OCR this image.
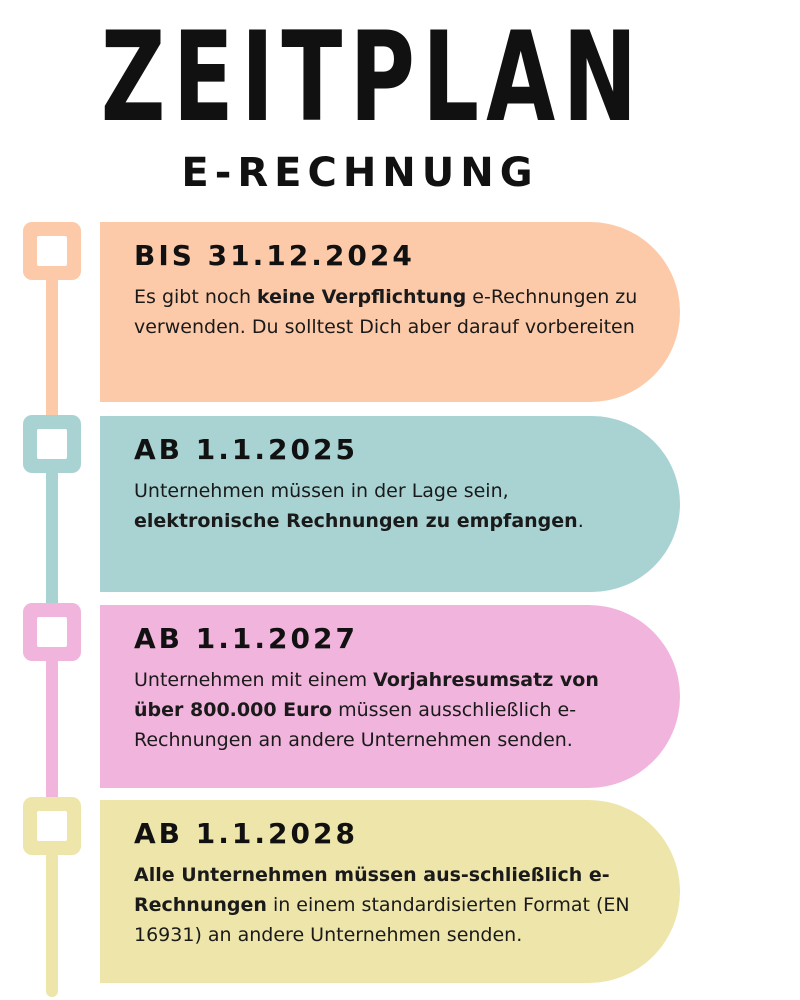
ZEITPLAN
E-RECHNUNG
BIS 31.12.2024
Es gibt noch keine Verpflichtung e-Rechnungen zu verwenden. Du solltest Dich aber darauf vorbereiten
AB 1.1.2025
Unternehmen müssen in der Lage sein, elektronische Rechnungen zu empfangen.
AB 1.1.2027
Unternehmen mit einem Vorjahresumsatz von über 800.000 Euro müssen ausschließlich e-Rechnungen an andere Unternehmen senden.
AB 1.1.2028
Alle Unternehmen müssen aus-schließlich e-Rechnungen in einem standardisierten Format (EN 16931) an andere Unternehmen senden.
